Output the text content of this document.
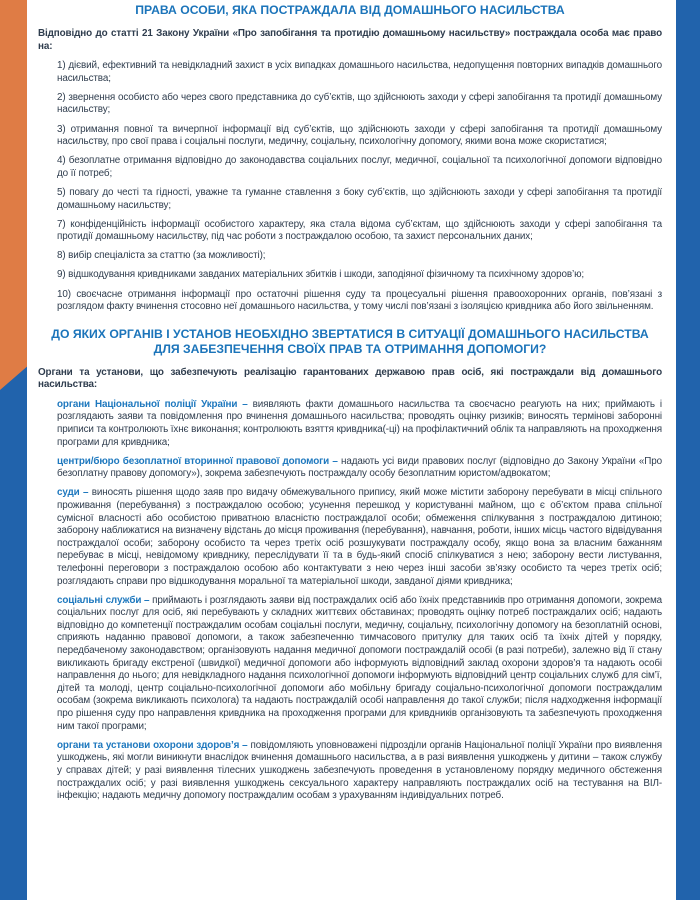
ПРАВА ОСОБИ, ЯКА ПОСТРАЖДАЛА ВІД ДОМАШНЬОГО НАСИЛЬСТВА

Відповідно до статті 21 Закону України «Про запобігання та протидію домашньому насильству» постраждала особа має право на:

1) дієвий, ефективний та невідкладний захист в усіх випадках домашнього насильства, недопущення повторних випадків домашнього насильства;

2) звернення особисто або через свого представника до суб’єктів, що здійснюють заходи у сфері запобігання та протидії домашньому насильству;

3) отримання повної та вичерпної інформації від суб’єктів, що здійснюють заходи у сфері запобігання та протидії домашньому насильству, про свої права і соціальні послуги, медичну, соціальну, психологічну допомогу, якими вона може скористатися;

4) безоплатне отримання відповідно до законодавства соціальних послуг, медичної, соціальної та психологічної допомоги відповідно до її потреб;

5) повагу до честі та гідності, уважне та гуманне ставлення з боку суб’єктів, що здійснюють заходи у сфері запобігання та протидії домашньому насильству;

7) конфіденційність інформації особистого характеру, яка стала відома суб’єктам, що здійснюють заходи у сфері запобігання та протидії домашньому насильству, під час роботи з постраждалою особою, та захист персональних даних;

8) вибір спеціаліста за статтю (за можливості);

9) відшкодування кривдниками завданих матеріальних збитків і шкоди, заподіяної фізичному та психічному здоров’ю;

10) своєчасне отримання інформації про остаточні рішення суду та процесуальні рішення правоохоронних органів, пов’язані з розглядом факту вчинення стосовно неї домашнього насильства, у тому числі пов’язані з ізоляцією кривдника або його звільненням.

ДО ЯКИХ ОРГАНІВ І УСТАНОВ НЕОБХІДНО ЗВЕРТАТИСЯ В СИТУАЦІЇ ДОМАШНЬОГО НАСИЛЬСТВА ДЛЯ ЗАБЕЗПЕЧЕННЯ СВОЇХ ПРАВ ТА ОТРИМАННЯ ДОПОМОГИ?

Органи та установи, що забезпечують реалізацію гарантованих державою прав осіб, які постраждали від домашнього насильства:

органи Національної поліції України – виявляють факти домашнього насильства та своєчасно реагують на них; приймають і розглядають заяви та повідомлення про вчинення домашнього насильства; проводять оцінку ризиків; виносять термінові заборонні приписи та контролюють їхнє виконання; контролюють взяття кривдника(-ці) на профілактичний облік та направляють на проходження програми для кривдника;

центри/бюро безоплатної вторинної правової допомоги – надають усі види правових послуг (відповідно до Закону України «Про безоплатну правову допомогу»), зокрема забезпечують постраждалу особу безоплатним юристом/адвокатом;

суди – виносять рішення щодо заяв про видачу обмежувального припису, який може містити заборону перебувати в місці спільного проживання (перебування) з постраждалою особою; усунення перешкод у користуванні майном, що є об’єктом права спільної сумісної власності або особистою приватною власністю постраждалої особи; обмеження спілкування з постраждалою дитиною; заборону наближатися на визначену відстань до місця проживання (перебування), навчання, роботи, інших місць частого відвідування постраждалої особи; заборону особисто та через третіх осіб розшукувати постраждалу особу, якщо вона за власним бажанням перебуває в місці, невідомому кривднику, переслідувати її та в будь-який спосіб спілкуватися з нею; заборону вести листування, телефонні переговори з постраждалою особою або контактувати з нею через інші засоби зв’язку особисто та через третіх осіб; розглядають справи про відшкодування моральної та матеріальної шкоди, завданої діями кривдника;

соціальні служби – приймають і розглядають заяви від постраждалих осіб або їхніх представників про отримання допомоги, зокрема соціальних послуг для осіб, які перебувають у складних життєвих обставинах; проводять оцінку потреб постраждалих осіб; надають відповідно до компетенції постраждалим особам соціальні послуги, медичну, соціальну, психологічну допомогу на безоплатній основі, сприяють наданню правової допомоги, а також забезпеченню тимчасового притулку для таких осіб та їхніх дітей у порядку, передбаченому законодавством; організовують надання медичної допомоги постраждалій особі (в разі потреби), залежно від її стану викликають бригаду екстреної (швидкої) медичної допомоги або інформують відповідний заклад охорони здоров’я та надають особі направлення до нього; для невідкладного надання психологічної допомоги інформують відповідний центр соціальних служб для сім’ї, дітей та молоді, центр соціально-психологічної допомоги або мобільну бригаду соціально-психологічної допомоги постраждалим особам (зокрема викликають психолога) та надають постраждалій особі направлення до такої служби; після надходження інформації про рішення суду про направлення кривдника на проходження програми для кривдників організовують та забезпечують проходження ним такої програми;

органи та установи охорони здоров’я – повідомляють уповноважені підрозділи органів Національної поліції України про виявлення ушкоджень, які могли виникнути внаслідок вчинення домашнього насильства, а в разі виявлення ушкоджень у дитини – також службу у справах дітей; у разі виявлення тілесних ушкоджень забезпечують проведення в установленому порядку медичного обстеження постраждалих осіб; у разі виявлення ушкоджень сексуального характеру направляють постраждалих осіб на тестування на ВІЛ-інфекцію; надають медичну допомогу постраждалим особам з урахуванням індивідуальних потреб.
